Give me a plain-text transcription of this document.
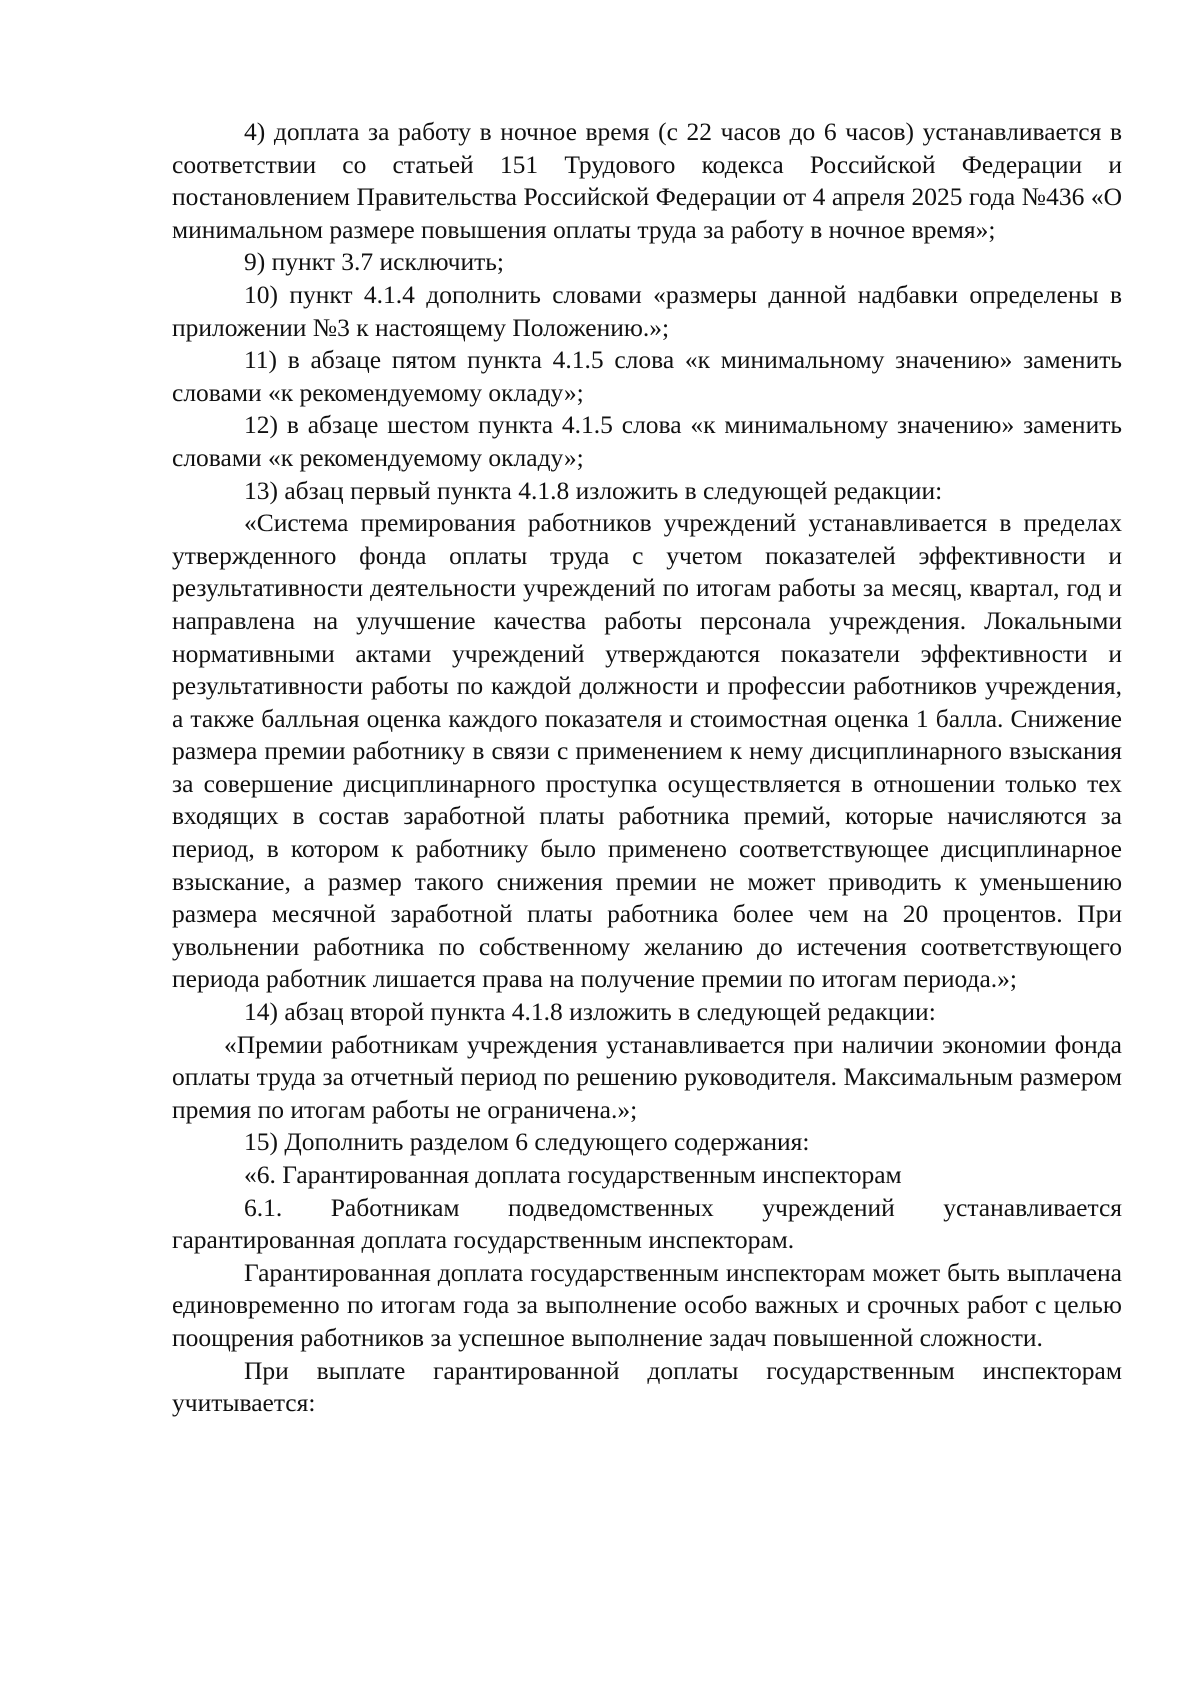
4) доплата за работу в ночное время (с 22 часов до 6 часов) устанавливается в соответствии со статьей 151 Трудового кодекса Российской Федерации и постановлением Правительства Российской Федерации от 4 апреля 2025 года №436 «О минимальном размере повышения оплаты труда за работу в ночное время»;

9) пункт 3.7 исключить;

10) пункт 4.1.4 дополнить словами «размеры данной надбавки определены в приложении №3 к настоящему Положению.»;

11) в абзаце пятом пункта 4.1.5 слова «к минимальному значению» заменить словами «к рекомендуемому окладу»;

12) в абзаце шестом пункта 4.1.5 слова «к минимальному значению» заменить словами «к рекомендуемому окладу»;

13) абзац первый пункта 4.1.8 изложить в следующей редакции:

«Система премирования работников учреждений устанавливается в пределах утвержденного фонда оплаты труда с учетом показателей эффективности и результативности деятельности учреждений по итогам работы за месяц, квартал, год и направлена на улучшение качества работы персонала учреждения. Локальными нормативными актами учреждений утверждаются показатели эффективности и результативности работы по каждой должности и профессии работников учреждения, а также балльная оценка каждого показателя и стоимостная оценка 1 балла. Снижение размера премии работнику в связи с применением к нему дисциплинарного взыскания за совершение дисциплинарного проступка осуществляется в отношении только тех входящих в состав заработной платы работника премий, которые начисляются за период, в котором к работнику было применено соответствующее дисциплинарное взыскание, а размер такого снижения премии не может приводить к уменьшению размера месячной заработной платы работника более чем на 20 процентов. При увольнении работника по собственному желанию до истечения соответствующего периода работник лишается права на получение премии по итогам периода.»;

14) абзац второй пункта 4.1.8 изложить в следующей редакции:

«Премии работникам учреждения устанавливается при наличии экономии фонда оплаты труда за отчетный период по решению руководителя. Максимальным размером премия по итогам работы не ограничена.»;

15) Дополнить разделом 6 следующего содержания:

«6. Гарантированная доплата государственным инспекторам

6.1. Работникам подведомственных учреждений устанавливается гарантированная доплата государственным инспекторам.

Гарантированная доплата государственным инспекторам может быть выплачена единовременно по итогам года за выполнение особо важных и срочных работ с целью поощрения работников за успешное выполнение задач повышенной сложности.

При выплате гарантированной доплаты государственным инспекторам учитывается:
